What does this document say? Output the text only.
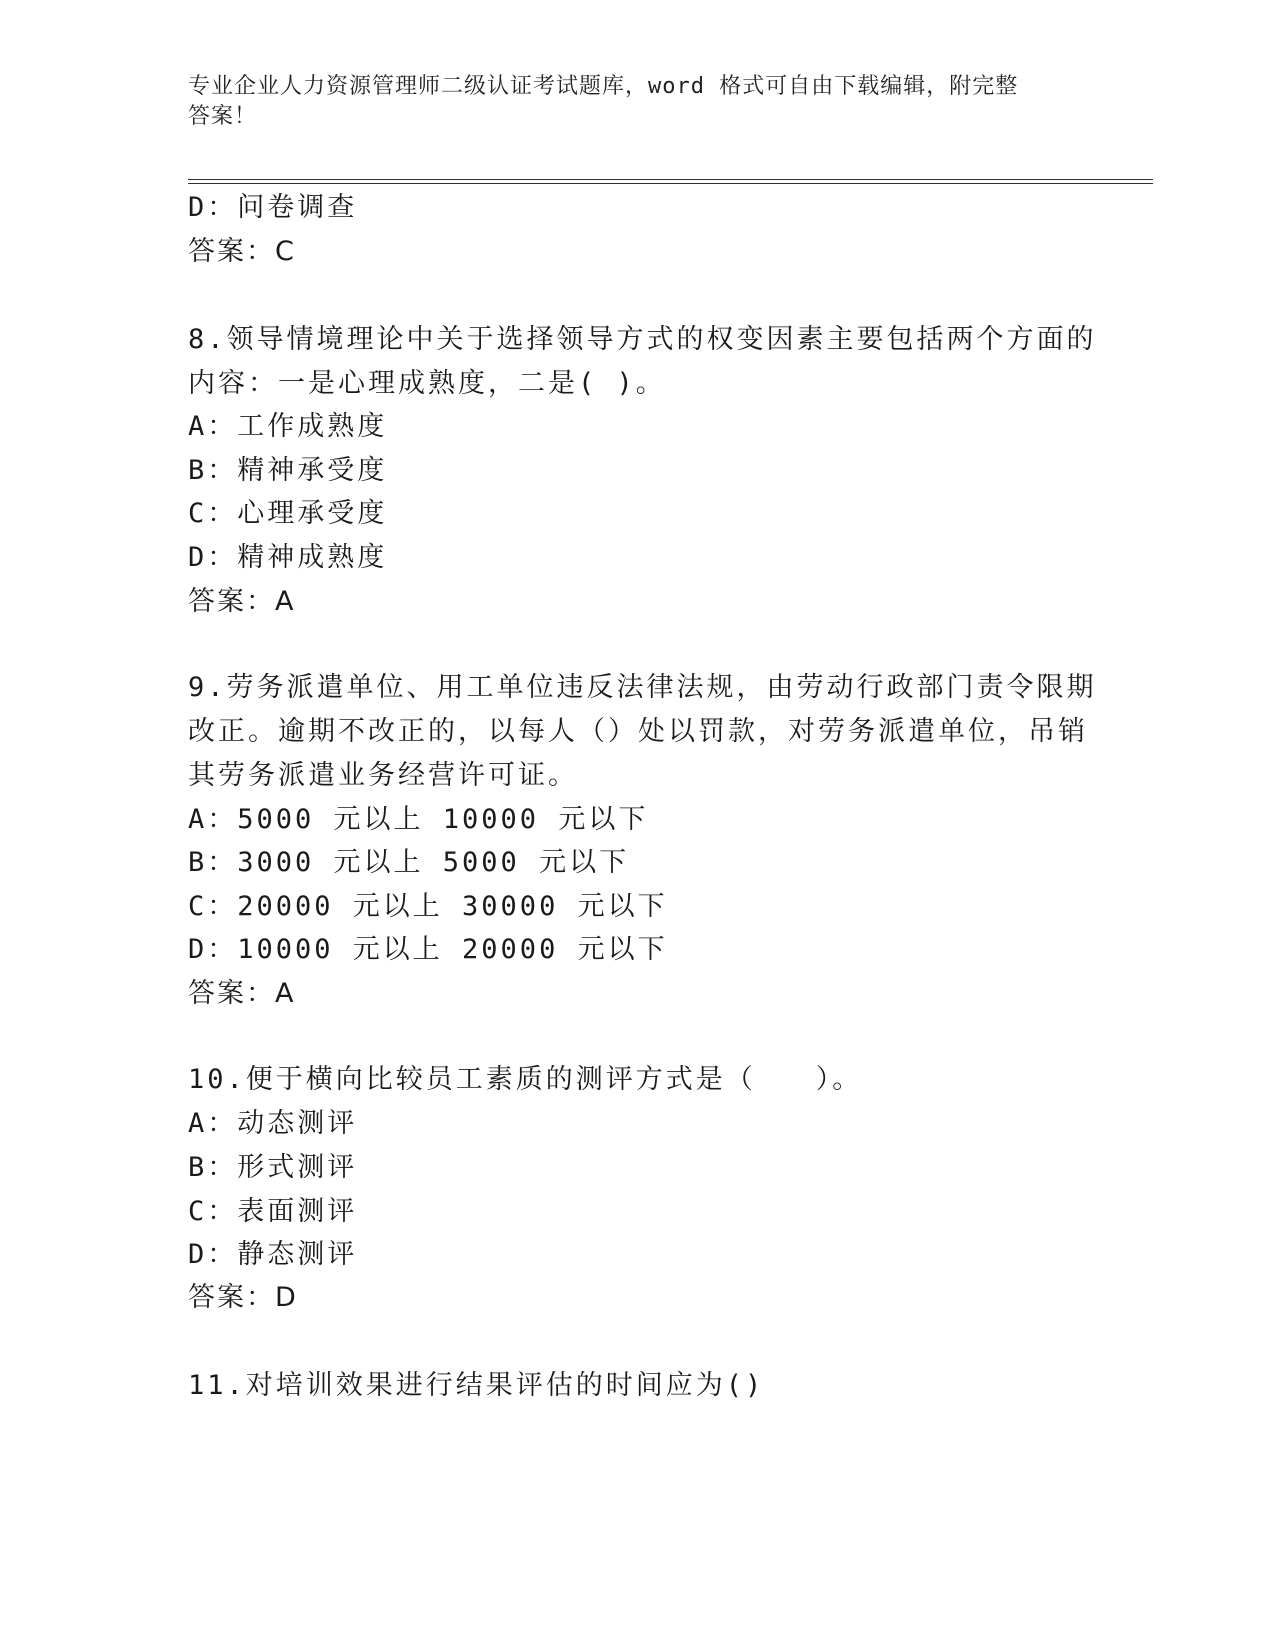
专业企业人力资源管理师二级认证考试题库，word 格式可自由下载编辑，附完整
答案！
D：问卷调查
答案：C
8.领导情境理论中关于选择领导方式的权变因素主要包括两个方面的
内容：一是心理成熟度，二是( )。
A：工作成熟度
B：精神承受度
C：心理承受度
D：精神成熟度
答案：A
9.劳务派遣单位、用工单位违反法律法规，由劳动行政部门责令限期
改正。逾期不改正的，以每人（）处以罚款，对劳务派遣单位，吊销
其劳务派遣业务经营许可证。
A：5000 元以上 10000 元以下
B：3000 元以上 5000 元以下
C：20000 元以上 30000 元以下
D：10000 元以上 20000 元以下
答案：A
10.便于横向比较员工素质的测评方式是（　　）。
A：动态测评
B：形式测评
C：表面测评
D：静态测评
答案：D
11.对培训效果进行结果评估的时间应为()
